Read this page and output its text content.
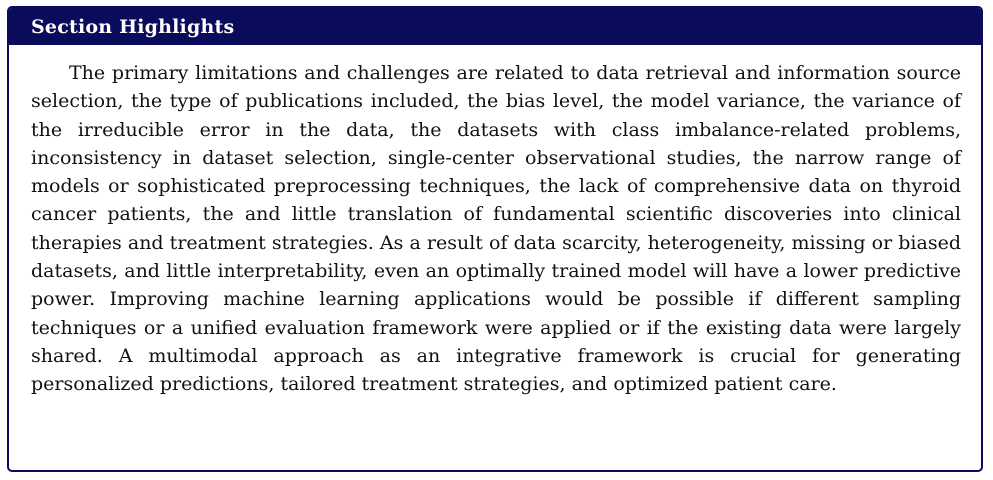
Section Highlights

The primary limitations and challenges are related to data retrieval and information source selection, the type of publications included, the bias level, the model variance, the variance of the irreducible error in the data, the datasets with class imbalance-related problems, inconsistency in dataset selection, single-center observational studies, the narrow range of models or sophisticated preprocessing techniques, the lack of comprehensive data on thyroid cancer patients, the and little translation of fundamental scientific discoveries into clinical therapies and treatment strategies. As a result of data scarcity, heterogeneity, missing or biased datasets, and little interpretability, even an optimally trained model will have a lower predictive power. Improving machine learning applications would be possible if different sampling techniques or a unified evaluation framework were applied or if the existing data were largely shared. A multimodal approach as an integrative framework is crucial for generating personalized predictions, tailored treatment strategies, and optimized patient care.
